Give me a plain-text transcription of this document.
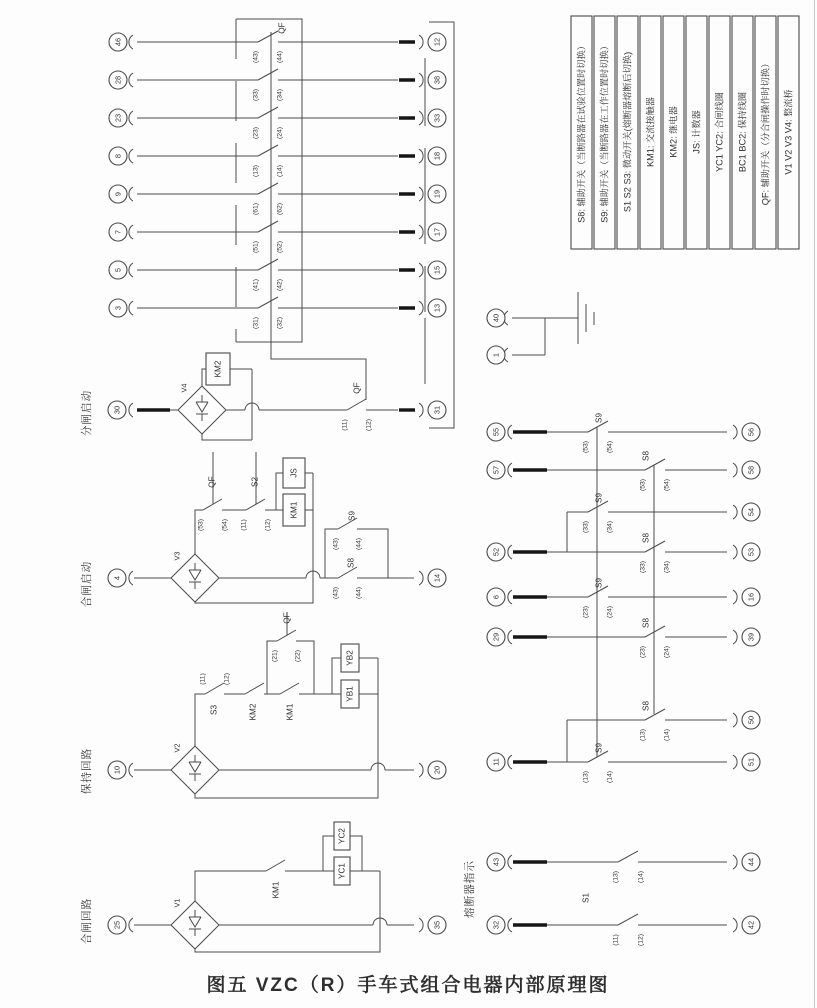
QF
46
28
23
8
9
7
5
3
12
38
33
18
19
17
15
13
(43)	(44)
(33)	(34)
(23)	(24)
(13)	(14)
(61)	(62)
(51)	(52)
(41)	(42)
(31)	(32)	40
1
分闸启动
V4
KM2
QF
(11)	(12)
30	31
合闸启动
V3
JS
KM1
QF
(53)	(54)
S2
(11)	(12)
S9
(43) (44)
S8
(43) (44)
4	14
保持回路	V2
(11)	(12)
S3	KM2
QF
(21) (22)
KM1
YB2
YB1
10	20
合闸回路	V1
KM1
YC2
YC1
25	35
55
57
52
6
29
11
56
58
54
53
16
39
50
51
S9
(53)	(54)
S8
(53)	(54)
S9
(33)	(34)
S8
(33)	(34)
S9
(23)	(24)
S8
(23)	(24)
S8
(13)	(14)
S9
(13)	(14)
熔断器指示	S1
(13)	(14)
(11)	(12)
43	44
32	42
S8: 辅助开关（当断路器在试验位置时切换） S9: 辅助开关（当断路器在工作位置时切换） S1 S2 S3: 微动开关(熔断器熔断后切换) KM1: 交流接触器 KM2: 继电器 JS: 计数器 YC1 YC2: 合闸线圈 BC1 BC2: 保持线圈 QF: 辅助开关（分合闸操作时切换） V1 V2 V3 V4: 整流桥
图五 VZC（R）手车式组合电器内部原理图
